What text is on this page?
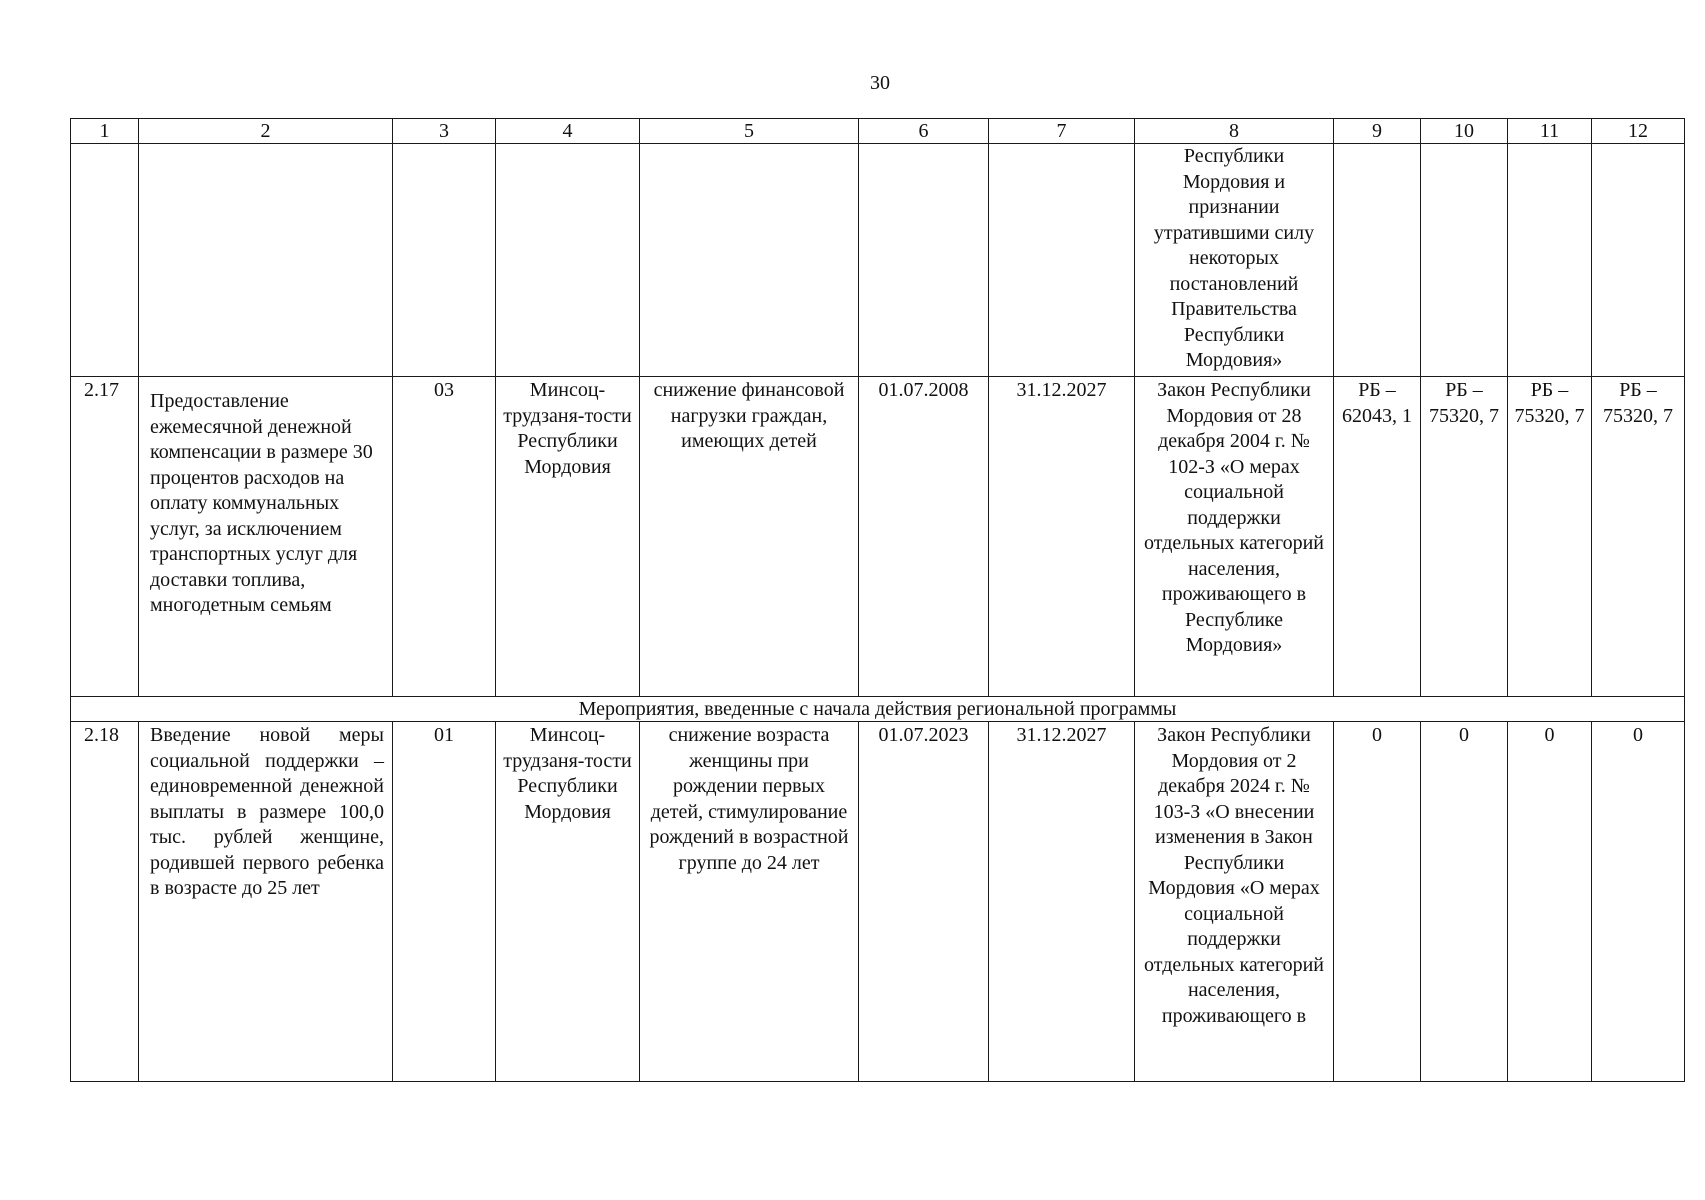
30
1	2	3	4	5	6	7	8	9	10	11	12
							Республики Мордовия и признании утратившими силу некоторых постановлений Правительства Республики Мордовия»				
2.17	Предоставление ежемесячной денежной компенсации в размере 30 процентов расходов на оплату коммунальных услуг, за исключением транспортных услуг для доставки топлива, многодетным семьям	03	Минсоц-трудзаня-тости Республики Мордовия	снижение финансовой нагрузки граждан, имеющих детей	01.07.2008	31.12.2027	Закон Республики Мордовия от 28 декабря 2004 г. № 102-З «О мерах социальной поддержки отдельных категорий населения, проживающего в Республике Мордовия»	РБ – 62043, 1	РБ – 75320, 7	РБ – 75320, 7	РБ – 75320, 7
Мероприятия, введенные с начала действия региональной программы											
2.18	Введение новой меры социальной поддержки – единовременной денежной выплаты в размере 100,0 тыс. рублей женщине, родившей первого ребенка в возрасте до 25 лет	01	Минсоц-трудзаня-тости Республики Мордовия	снижение возраста женщины при рождении первых детей, стимулирование рождений в возрастной группе до 24 лет	01.07.2023	31.12.2027	Закон Республики Мордовия от 2 декабря 2024 г. № 103-З «О внесении изменения в Закон Республики Мордовия «О мерах социальной поддержки отдельных категорий населения, проживающего в	0	0	0	0
